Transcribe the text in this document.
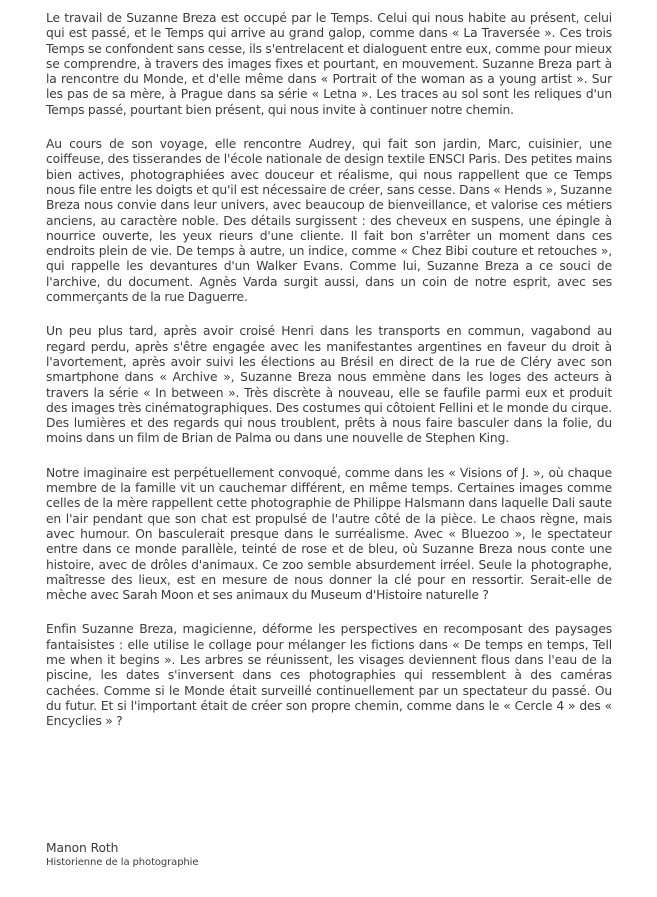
Le travail de Suzanne Breza est occupé par le Temps. Celui qui nous habite au présent, celui qui est passé, et le Temps qui arrive au grand galop, comme dans « La Traversée ». Ces trois Temps se confondent sans cesse, ils s'entrelacent et dialoguent entre eux, comme pour mieux se comprendre, à travers des images fixes et pourtant, en mouvement. Suzanne Breza part à la rencontre du Monde, et d'elle même dans « Portrait of the woman as a young artist ». Sur les pas de sa mère, à Prague dans sa série « Letna ». Les traces au sol sont les reliques d'un Temps passé, pourtant bien présent, qui nous invite à continuer notre chemin.

Au cours de son voyage, elle rencontre Audrey, qui fait son jardin, Marc, cuisinier, une coiffeuse, des tisserandes de l'école nationale de design textile ENSCI Paris. Des petites mains bien actives, photographiées avec douceur et réalisme, qui nous rappellent que ce Temps nous file entre les doigts et qu'il est nécessaire de créer, sans cesse. Dans « Hends », Suzanne Breza nous convie dans leur univers, avec beaucoup de bienveillance, et valorise ces métiers anciens, au caractère noble. Des détails surgissent : des cheveux en suspens, une épingle à nourrice ouverte, les yeux rieurs d'une cliente. Il fait bon s'arrêter un moment dans ces endroits plein de vie. De temps à autre, un indice, comme « Chez Bibi couture et retouches », qui rappelle les devantures d'un Walker Evans. Comme lui, Suzanne Breza a ce souci de l'archive, du document. Agnès Varda surgit aussi, dans un coin de notre esprit, avec ses commerçants de la rue Daguerre.

Un peu plus tard, après avoir croisé Henri dans les transports en commun, vagabond au regard perdu, après s'être engagée avec les manifestantes argentines en faveur du droit à l'avortement, après avoir suivi les élections au Brésil en direct de la rue de Cléry avec son smartphone dans « Archive », Suzanne Breza nous emmène dans les loges des acteurs à travers la série « In between ». Très discrète à nouveau, elle se faufile parmi eux et produit des images très cinématographiques. Des costumes qui côtoient Fellini et le monde du cirque. Des lumières et des regards qui nous troublent, prêts à nous faire basculer dans la folie, du moins dans un film de Brian de Palma ou dans une nouvelle de Stephen King.

Notre imaginaire est perpétuellement convoqué, comme dans les « Visions of J. », où chaque membre de la famille vit un cauchemar différent, en même temps. Certaines images comme celles de la mère rappellent cette photographie de Philippe Halsmann dans laquelle Dali saute en l'air pendant que son chat est propulsé de l'autre côté de la pièce. Le chaos règne, mais avec humour. On basculerait presque dans le surréalisme. Avec « Bluezoo », le spectateur entre dans ce monde parallèle, teinté de rose et de bleu, où Suzanne Breza nous conte une histoire, avec de drôles d'animaux. Ce zoo semble absurdement irréel. Seule la photographe, maîtresse des lieux, est en mesure de nous donner la clé pour en ressortir. Serait-elle de mèche avec Sarah Moon et ses animaux du Museum d'Histoire naturelle ?

Enfin Suzanne Breza, magicienne, déforme les perspectives en recomposant des paysages fantaisistes : elle utilise le collage pour mélanger les fictions dans « De temps en temps, Tell me when it begins ». Les arbres se réunissent, les visages deviennent flous dans l'eau de la piscine, les dates s'inversent dans ces photographies qui ressemblent à des caméras cachées. Comme si le Monde était surveillé continuellement par un spectateur du passé. Ou du futur. Et si l'important était de créer son propre chemin, comme dans le « Cercle 4 » des « Encyclies » ?

Manon Roth
Historienne de la photographie
